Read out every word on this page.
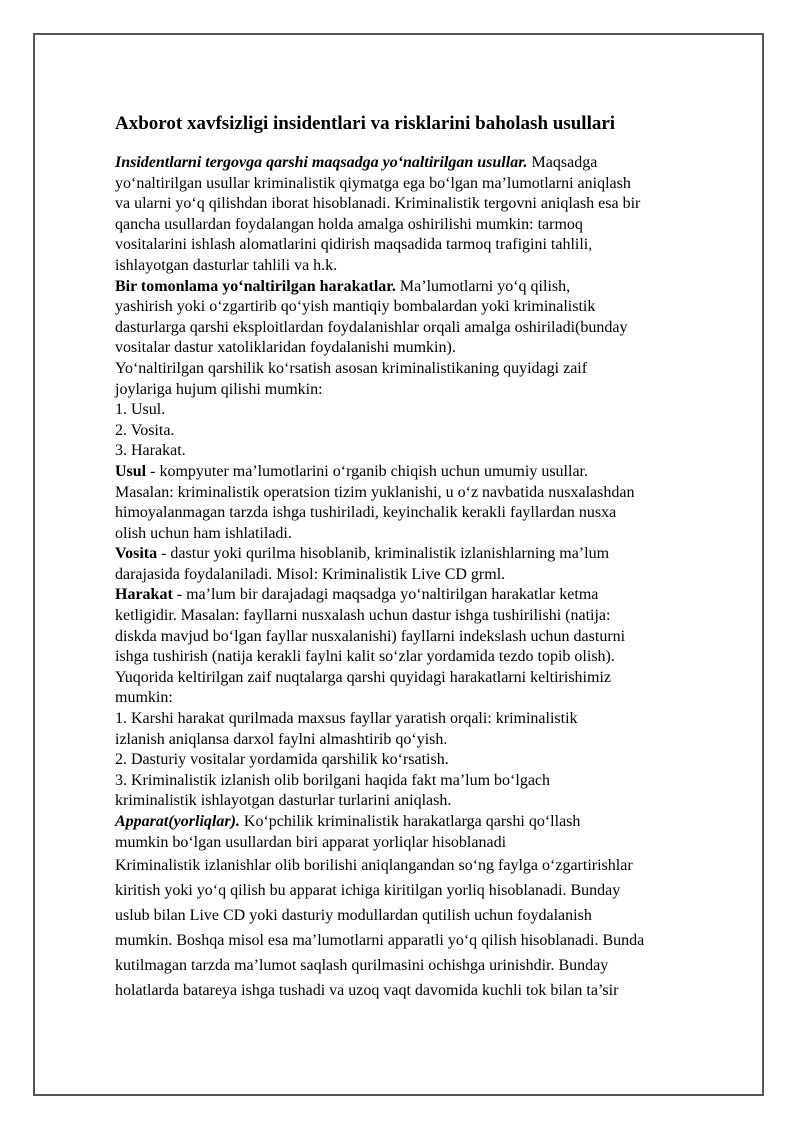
Axborot xavfsizligi insidentlari va risklarini baholash usullari
Insidentlarni tergovga qarshi maqsadga yo‘naltirilgan usullar. Maqsadga
yo‘naltirilgan usullar kriminalistik qiymatga ega bo‘lgan ma’lumotlarni aniqlash
va ularni yo‘q qilishdan iborat hisoblanadi. Kriminalistik tergovni aniqlash esa bir
qancha usullardan foydalangan holda amalga oshirilishi mumkin: tarmoq
vositalarini ishlash alomatlarini qidirish maqsadida tarmoq trafigini tahlili,
ishlayotgan dasturlar tahlili va h.k.
Bir tomonlama yo‘naltirilgan harakatlar. Ma’lumotlarni yo‘q qilish,
yashirish yoki o‘zgartirib qo‘yish mantiqiy bombalardan yoki kriminalistik
dasturlarga qarshi eksploitlardan foydalanishlar orqali amalga oshiriladi(bunday
vositalar dastur xatoliklaridan foydalanishi mumkin).
Yo‘naltirilgan qarshilik ko‘rsatish asosan kriminalistikaning quyidagi zaif
joylariga hujum qilishi mumkin:
1. Usul.
2. Vosita.
3. Harakat.
Usul - kompyuter ma’lumotlarini o‘rganib chiqish uchun umumiy usullar.
Masalan: kriminalistik operatsion tizim yuklanishi, u o‘z navbatida nusxalashdan
himoyalanmagan tarzda ishga tushiriladi, keyinchalik kerakli fayllardan nusxa
olish uchun ham ishlatiladi.
Vosita - dastur yoki qurilma hisoblanib, kriminalistik izlanishlarning ma’lum
darajasida foydalaniladi. Misol: Kriminalistik Live CD grml.
Harakat - ma’lum bir darajadagi maqsadga yo‘naltirilgan harakatlar ketma
ketligidir. Masalan: fayllarni nusxalash uchun dastur ishga tushirilishi (natija:
diskda mavjud bo‘lgan fayllar nusxalanishi) fayllarni indekslash uchun dasturni
ishga tushirish (natija kerakli faylni kalit so‘zlar yordamida tezdo topib olish).
Yuqorida keltirilgan zaif nuqtalarga qarshi quyidagi harakatlarni keltirishimiz
mumkin:
1. Karshi harakat qurilmada maxsus fayllar yaratish orqali: kriminalistik
izlanish aniqlansa darxol faylni almashtirib qo‘yish.
2. Dasturiy vositalar yordamida qarshilik ko‘rsatish.
3. Kriminalistik izlanish olib borilgani haqida fakt ma’lum bo‘lgach
kriminalistik ishlayotgan dasturlar turlarini aniqlash.
Apparat(yorliqlar). Ko‘pchilik kriminalistik harakatlarga qarshi qo‘llash
mumkin bo‘lgan usullardan biri apparat yorliqlar hisoblanadi
Kriminalistik izlanishlar olib borilishi aniqlangandan so‘ng faylga o‘zgartirishlar
kiritish yoki yo‘q qilish bu apparat ichiga kiritilgan yorliq hisoblanadi. Bunday
uslub bilan Live CD yoki dasturiy modullardan qutilish uchun foydalanish
mumkin. Boshqa misol esa ma’lumotlarni apparatli yo‘q qilish hisoblanadi. Bunda
kutilmagan tarzda ma’lumot saqlash qurilmasini ochishga urinishdir. Bunday
holatlarda batareya ishga tushadi va uzoq vaqt davomida kuchli tok bilan ta’sir
